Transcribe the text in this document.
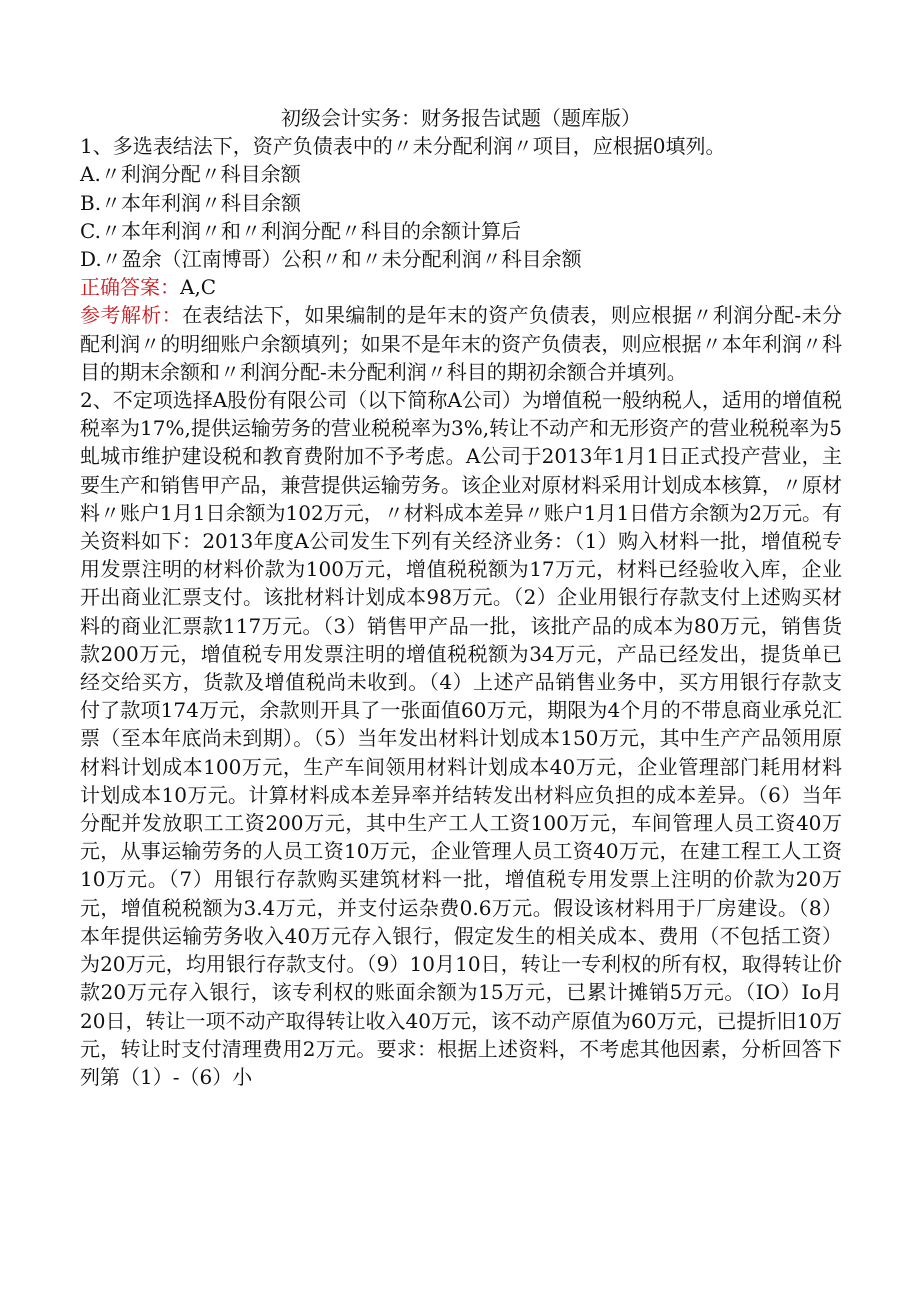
初级会计实务：财务报告试题（题库版）

1、多选表结法下，资产负债表中的〃未分配利润〃项目，应根据0填列。

A.〃利润分配〃科目余额

B.〃本年利润〃科目余额

C.〃本年利润〃和〃利润分配〃科目的余额计算后

D.〃盈余（江南博哥）公积〃和〃未分配利润〃科目余额

正确答案：A,C

参考解析：在表结法下，如果编制的是年末的资产负债表，则应根据〃利润分配-未分配利润〃的明细账户余额填列；如果不是年末的资产负债表，则应根据〃本年利润〃科目的期末余额和〃利润分配-未分配利润〃科目的期初余额合并填列。

2、不定项选择A股份有限公司（以下简称A公司）为增值税一般纳税人，适用的增值税税率为17%,提供运输劳务的营业税税率为3%,转让不动产和无形资产的营业税税率为5虬城市维护建设税和教育费附加不予考虑。A公司于2013年1月1日正式投产营业，主要生产和销售甲产品，兼营提供运输劳务。该企业对原材料采用计划成本核算，〃原材料〃账户1月1日余额为102万元，〃材料成本差异〃账户1月1日借方余额为2万元。有关资料如下：2013年度A公司发生下列有关经济业务：（1）购入材料一批，增值税专用发票注明的材料价款为100万元，增值税税额为17万元，材料已经验收入库，企业开出商业汇票支付。该批材料计划成本98万元。（2）企业用银行存款支付上述购买材料的商业汇票款117万元。（3）销售甲产品一批，该批产品的成本为80万元，销售货款200万元，增值税专用发票注明的增值税税额为34万元，产品已经发出，提货单已经交给买方，货款及增值税尚未收到。（4）上述产品销售业务中，买方用银行存款支付了款项174万元，余款则开具了一张面值60万元，期限为4个月的不带息商业承兑汇票（至本年底尚未到期）。（5）当年发出材料计划成本150万元，其中生产产品领用原材料计划成本100万元，生产车间领用材料计划成本40万元，企业管理部门耗用材料计划成本10万元。计算材料成本差异率并结转发出材料应负担的成本差异。（6）当年分配并发放职工工资200万元，其中生产工人工资100万元，车间管理人员工资40万元，从事运输劳务的人员工资10万元，企业管理人员工资40万元，在建工程工人工资10万元。（7）用银行存款购买建筑材料一批，增值税专用发票上注明的价款为20万元，增值税税额为3.4万元，并支付运杂费0.6万元。假设该材料用于厂房建设。（8）本年提供运输劳务收入40万元存入银行，假定发生的相关成本、费用（不包括工资）为20万元，均用银行存款支付。（9）10月10日，转让一专利权的所有权，取得转让价款20万元存入银行，该专利权的账面余额为15万元，已累计摊销5万元。（IO）Io月20日，转让一项不动产取得转让收入40万元，该不动产原值为60万元，已提折旧10万元，转让时支付清理费用2万元。要求：根据上述资料，不考虑其他因素，分析回答下列第（1）-（6）小
